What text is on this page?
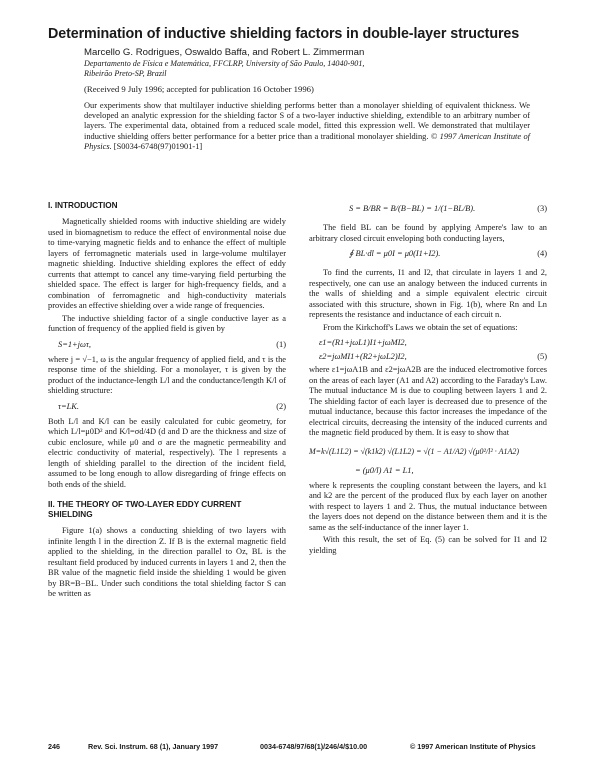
Determination of inductive shielding factors in double-layer structures
Marcello G. Rodrigues, Oswaldo Baffa, and Robert L. Zimmerman
Departamento de Física e Matemática, FFCLRP, University of São Paulo, 14040-901,
Ribeirão Preto-SP, Brazil
(Received 9 July 1996; accepted for publication 16 October 1996)
Our experiments show that multilayer inductive shielding performs better than a monolayer shielding of equivalent thickness. We developed an analytic expression for the shielding factor S of a two-layer inductive shielding, extendible to an arbitrary number of layers. The experimental data, obtained from a reduced scale model, fitted this expression well. We demonstrated that multilayer inductive shielding offers better performance for a better price than a traditional monolayer shielding. © 1997 American Institute of Physics. [S0034-6748(97)01901-1]
I. INTRODUCTION
Magnetically shielded rooms with inductive shielding are widely used in biomagnetism to reduce the effect of environmental noise due to time-varying magnetic fields and to enhance the effect of multiple layers of ferromagnetic materials used in large-volume multilayer magnetic shielding. Inductive shielding explores the effect of eddy currents that attempt to cancel any time-varying field perturbing the shielded space. The effect is larger for high-frequency fields, and a combination of ferromagnetic and high-conductivity materials provides an effective shielding over a wide range of frequencies.
The inductive shielding factor of a single conductive layer as a function of frequency of the applied field is given by
S=1+jωτ,	(1)
where j = √−1, ω is the angular frequency of applied field, and τ is the response time of the shielding. For a monolayer, τ is given by the product of the inductance-length L/l and the conductance/length K/l of shielding structure:
τ=LK.	(2)
Both L/l and K/l can be easily calculated for cubic geometry, for which L/l=μ0D² and K/l=σd/4D (d and D are the thickness and size of cubic enclosure, while μ0 and σ are the magnetic permeability and electric conductivity of material, respectively). The l represents a length of shielding parallel to the direction of the incident field, assumed to be long enough to allow disregarding of fringe effects on both ends of the shield.
II. THE THEORY OF TWO-LAYER EDDY CURRENT SHIELDING
Figure 1(a) shows a conducting shielding of two layers with infinite length l in the direction Z. If B is the external magnetic field applied to the shielding, in the direction parallel to Oz, BL is the resultant field produced by induced currents in layers 1 and 2, then the BR value of the magnetic field inside the shielding 1 would be given by BR=B−BL. Under such conditions the total shielding factor S can be written as
S = B/BR = B/(B−BL) = 1/(1−BL/B).	(3)
The field BL can be found by applying Ampere's law to an arbitrary closed circuit enveloping both conducting layers,
∮ BL·dl = μ0I = μ0(I1+I2).	(4)
To find the currents, I1 and I2, that circulate in layers 1 and 2, respectively, one can use an analogy between the induced currents in the walls of shielding and a simple equivalent electric circuit associated with this structure, shown in Fig. 1(b), where Rn and Ln represents the resistance and inductance of each circuit n.
From the Kirkchoff's Laws we obtain the set of equations:
ε1=(R1+jωL1)I1+jωMI2,
ε2=jωMI1+(R2+jωL2)I2,	(5)
where ε1=jωA1B and ε2=jωA2B are the induced electromotive forces on the areas of each layer (A1 and A2) according to the Faraday's Law. The mutual inductance M is due to coupling between layers 1 and 2. The shielding factor of each layer is decreased due to presence of the mutual inductance, because this factor increases the impedance of the electrical circuits, decreasing the intensity of the induced currents and the magnetic field produced by them. It is easy to show that
M=k√(L1L2) = √(k1k2) √(L1L2) = √(1 − A1/A2) √(μ0²/l² · A1A2)
= (μ0/l) A1 = L1,
where k represents the coupling constant between the layers, and k1 and k2 are the percent of the produced flux by each layer on another with respect to layers 1 and 2. Thus, the mutual inductance between the layers does not depend on the distance between them and it is the same as the self-inductance of the inner layer 1.
With this result, the set of Eq. (5) can be solved for I1 and I2 yielding
246	Rev. Sci. Instrum. 68 (1), January 1997	0034-6748/97/68(1)/246/4/$10.00	© 1997 American Institute of Physics
